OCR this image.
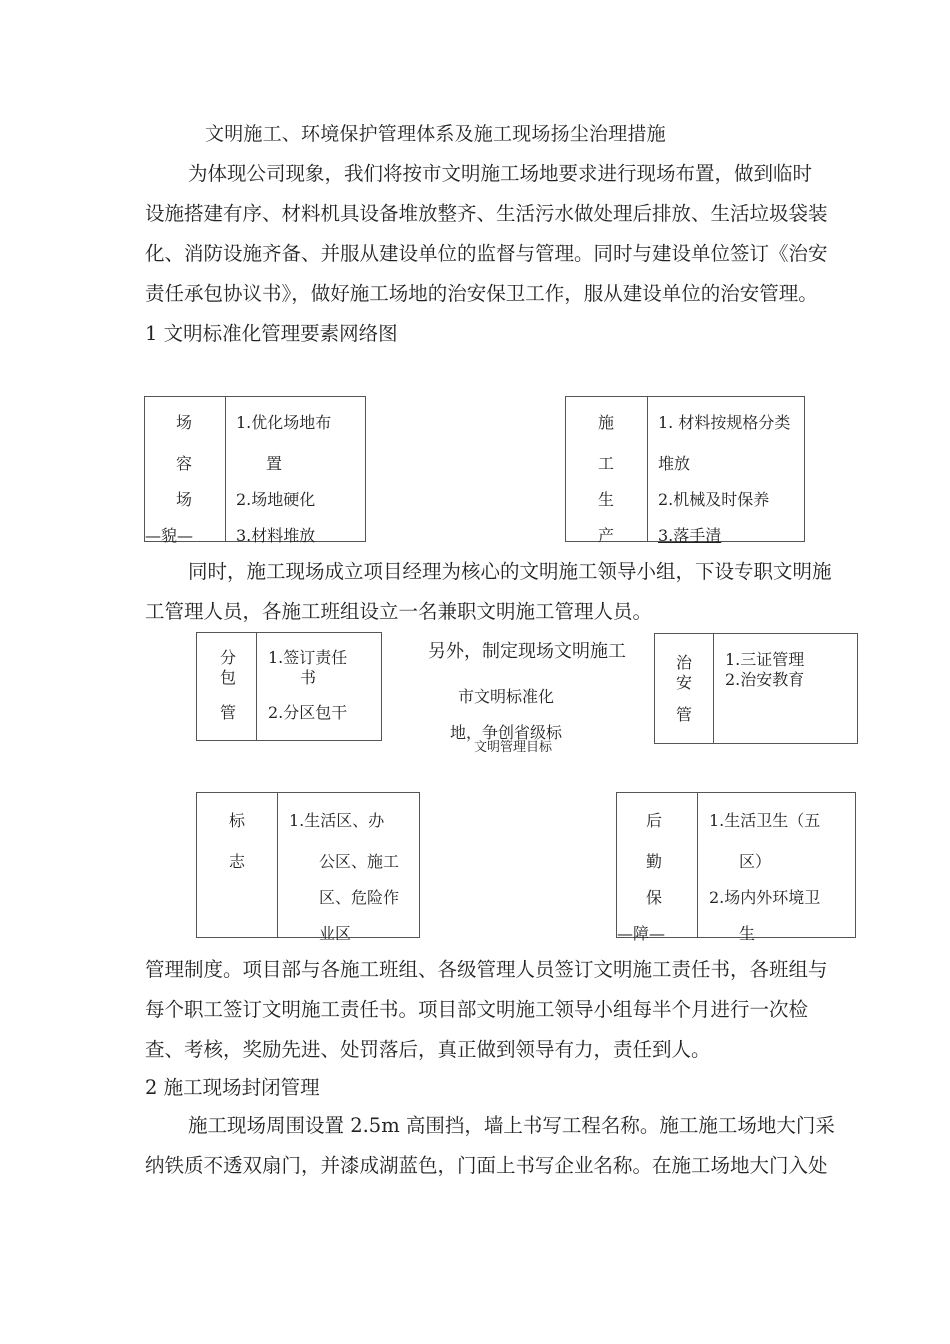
文明施工、环境保护管理体系及施工现场扬尘治理措施
为体现公司现象，我们将按市文明施工场地要求进行现场布置，做到临时
设施搭建有序、材料机具设备堆放整齐、生活污水做处理后排放、生活垃圾袋装
化、消防设施齐备、并服从建设单位的监督与管理。同时与建设单位签订《治安
责任承包协议书》，做好施工场地的治安保卫工作，服从建设单位的治安管理。
1 文明标准化管理要素网络图
场
容
场
—貌—
1.优化场地布
置
2.场地硬化
3.材料堆放
施
工
生
产
1. 材料按规格分类
堆放
2.机械及时保养
3.落手清
同时，施工现场成立项目经理为核心的文明施工领导小组，下设专职文明施
工管理人员，各施工班组设立一名兼职文明施工管理人员。
分
包
管
1.签订责任
书
2.分区包干
另外，制定现场文明施工
市文明标准化
地，争创省级标
文明管理目标
治
安
管
1.三证管理
2.治安教育
标
志
1.生活区、办
公区、施工
区、危险作
业区
后
勤
保
—障—
1.生活卫生（五
区）
2.场内外环境卫
生
管理制度。项目部与各施工班组、各级管理人员签订文明施工责任书，各班组与
每个职工签订文明施工责任书。项目部文明施工领导小组每半个月进行一次检
查、考核，奖励先进、处罚落后，真正做到领导有力，责任到人。
2 施工现场封闭管理
施工现场周围设置 2.5m 高围挡，墙上书写工程名称。施工施工场地大门采
纳铁质不透双扇门，并漆成湖蓝色，门面上书写企业名称。在施工场地大门入处
